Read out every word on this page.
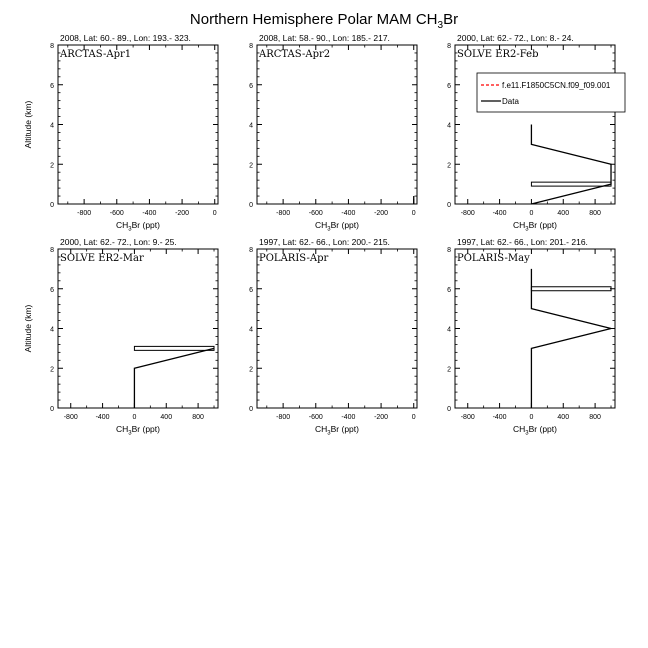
Northern Hemisphere Polar MAM $CH_3Br$
2008, Lat: 60.- 89., Lon: 193.- 323.
0
2
4
6
8
-800	-600	-400	-200	0
$CH_3Br$ (ppt)
Altitude (km)
ARCTAS-Apr1
2008, Lat: 58.- 90., Lon: 185.- 217.
0
2
4
6
8
-800	-600	-400	-200	0
$CH_3Br$ (ppt)
ARCTAS-Apr2
2000, Lat: 62.- 72., Lon: 8.- 24.
0
2
4
6
8
-800	-400	0	400	800
$CH_3Br$ (ppt)
SOLVE ER2-Feb
f.e11.F1850C5CN.f09_f09.001
Data
2000, Lat: 62.- 72., Lon: 9.- 25.
0
2
4
6
8
-800	-400	0	400	800
$CH_3Br$ (ppt)
Altitude (km)
SOLVE ER2-Mar
1997, Lat: 62.- 66., Lon: 200.- 215.
0
2
4
6
8
-800	-600	-400	-200	0
$CH_3Br$ (ppt)
POLARIS-Apr
1997, Lat: 62.- 66., Lon: 201.- 216.
0
2
4
6
8
-800	-400	0	400	800
$CH_3Br$ (ppt)
POLARIS-May
